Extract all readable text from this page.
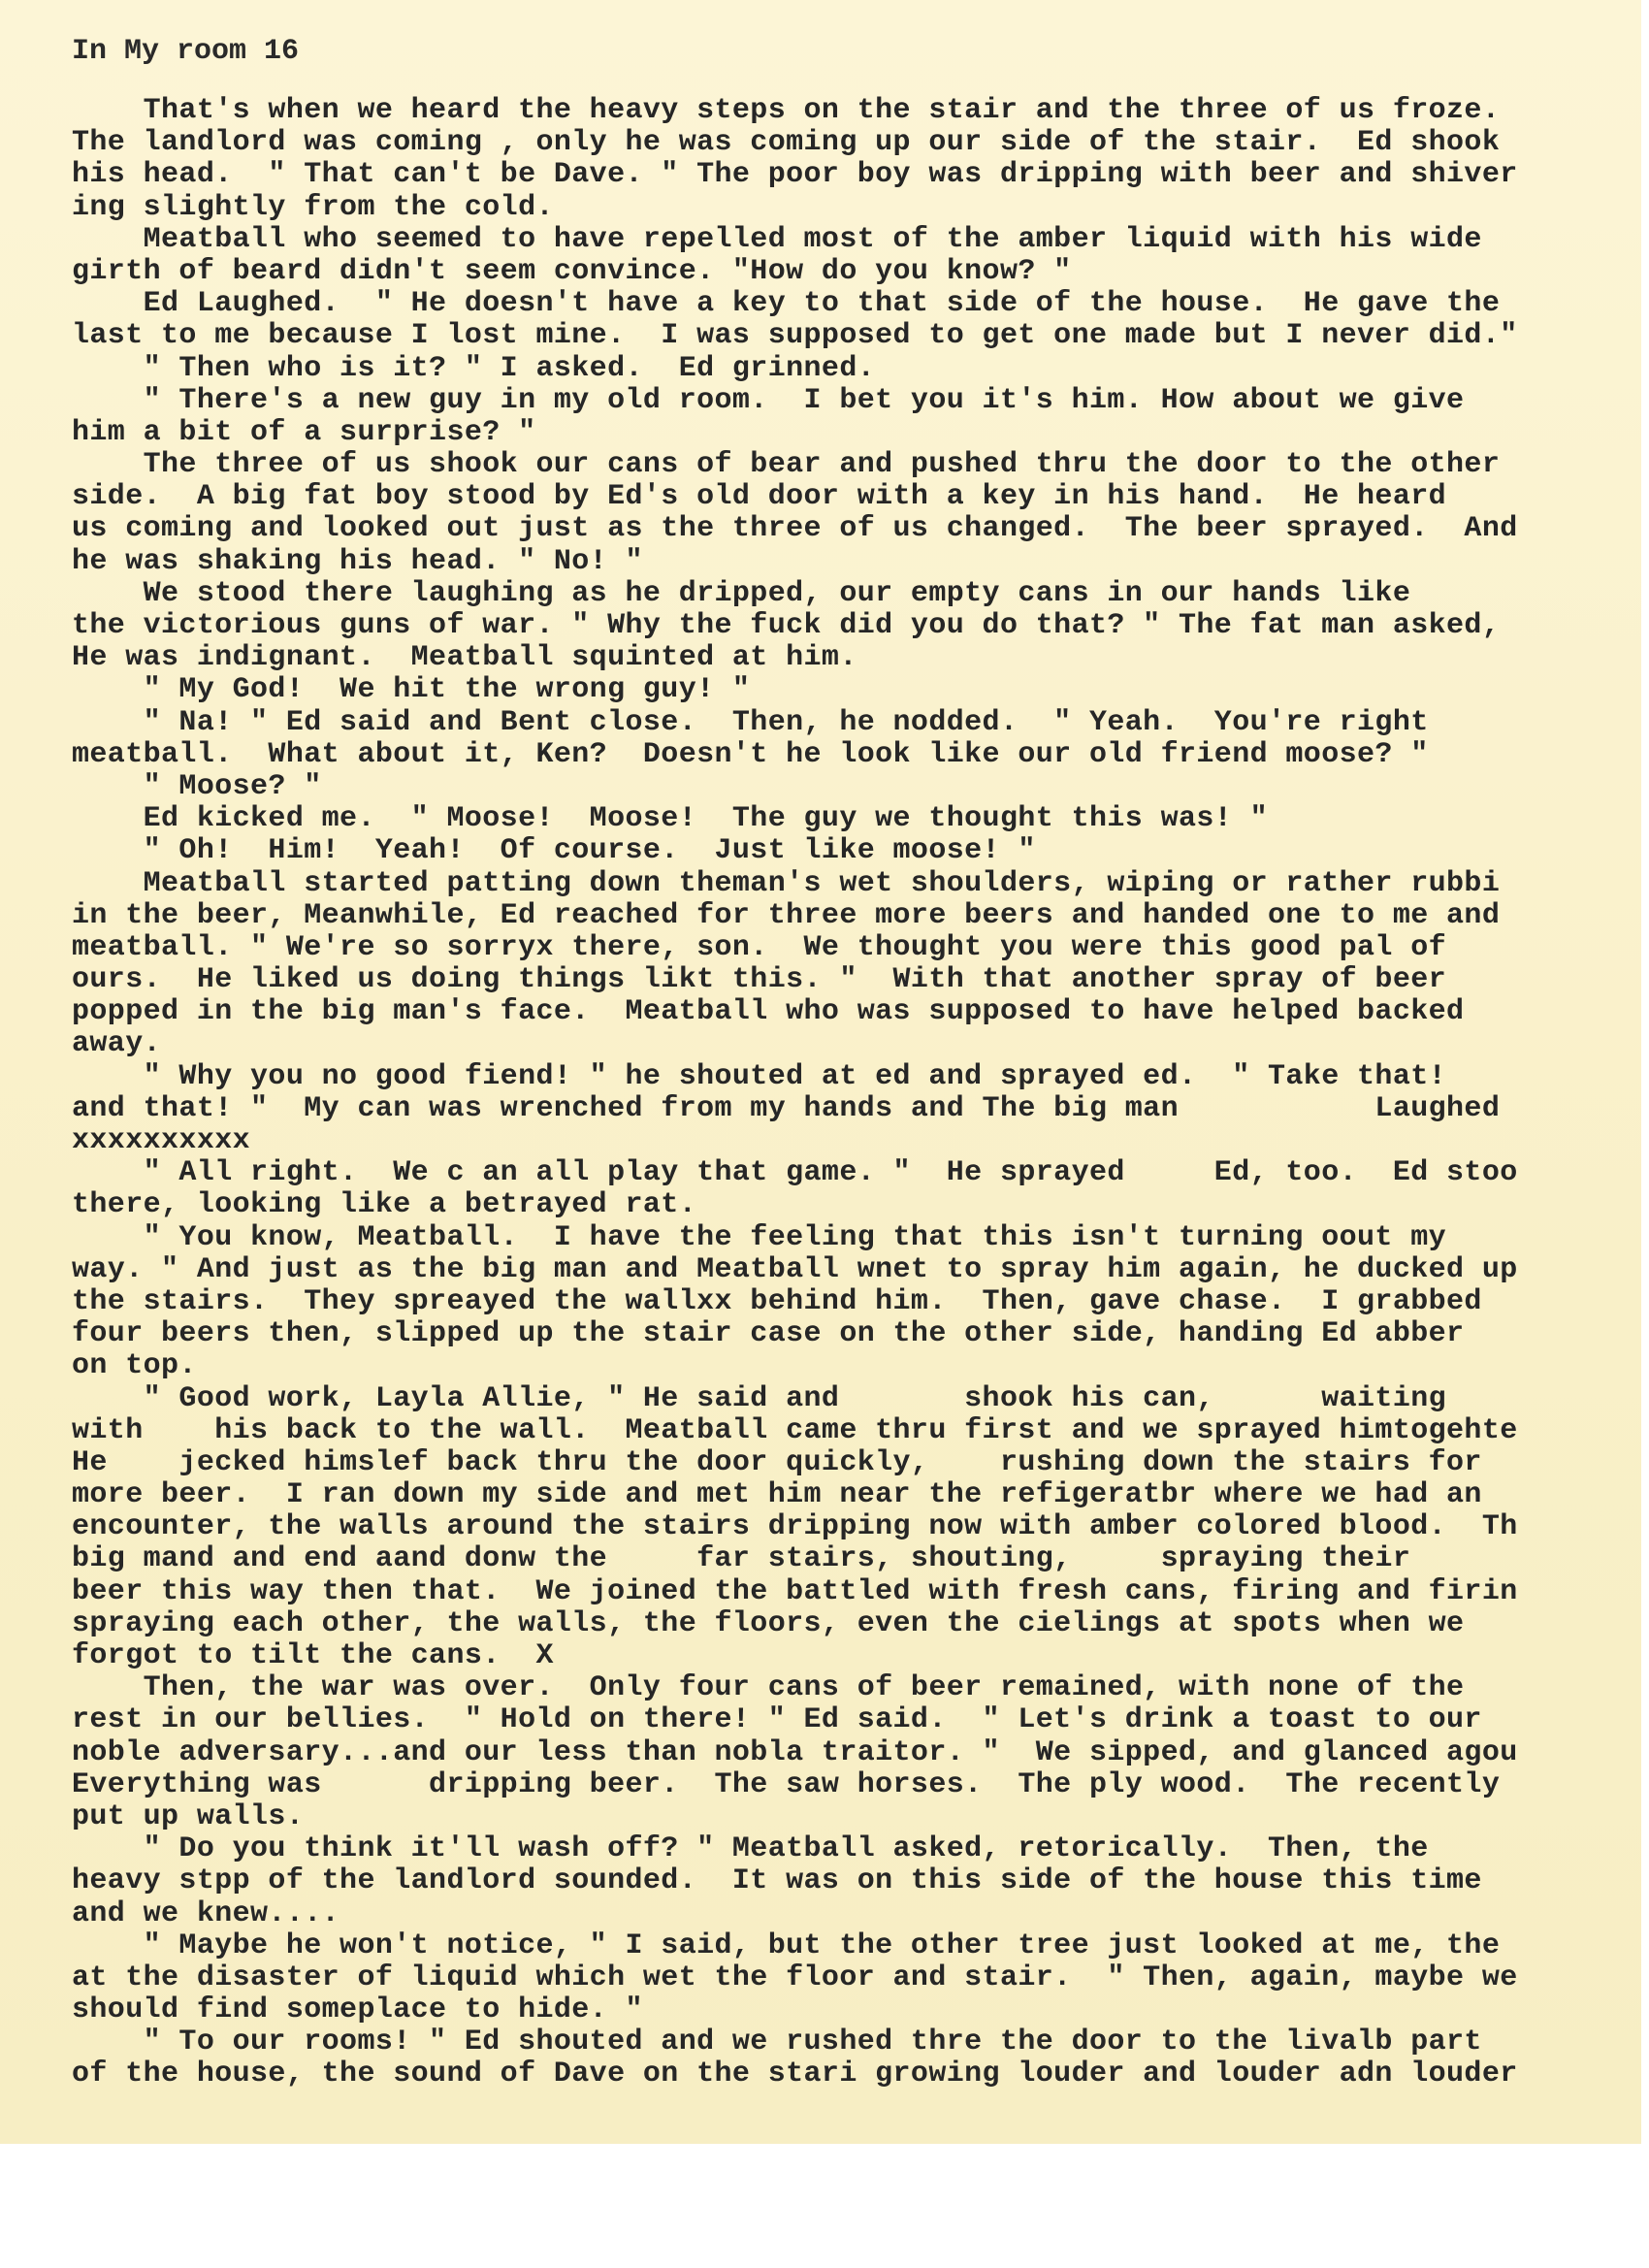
In My room 16
That's when we heard the heavy steps on the stair and the three of us froze.
The landlord was coming , only he was coming up our side of the stair.  Ed shook
his head.  " That can't be Dave. " The poor boy was dripping with beer and shiver
ing slightly from the cold.
Meatball who seemed to have repelled most of the amber liquid with his wide
girth of beard didn't seem convince. "How do you know? "
Ed Laughed.  " He doesn't have a key to that side of the house.  He gave the
last to me because I lost mine.  I was supposed to get one made but I never did."
" Then who is it? " I asked.  Ed grinned.
" There's a new guy in my old room.  I bet you it's him. How about we give
him a bit of a surprise? "
The three of us shook our cans of bear and pushed thru the door to the other
side.  A big fat boy stood by Ed's old door with a key in his hand.  He heard
us coming and looked out just as the three of us changed.  The beer sprayed.  And
he was shaking his head. " No! "
We stood there laughing as he dripped, our empty cans in our hands like
the victorious guns of war. " Why the fuck did you do that? " The fat man asked,
He was indignant.  Meatball squinted at him.
" My God!  We hit the wrong guy! "
" Na! " Ed said and Bent close.  Then, he nodded.  " Yeah.  You're right
meatball.  What about it, Ken?  Doesn't he look like our old friend moose? "
" Moose? "
Ed kicked me.  " Moose!  Moose!  The guy we thought this was! "
" Oh!  Him!  Yeah!  Of course.  Just like moose! "
Meatball started patting down theman's wet shoulders, wiping or rather rubbi
in the beer, Meanwhile, Ed reached for three more beers and handed one to me and
meatball. " We're so sorryx there, son.  We thought you were this good pal of
ours.  He liked us doing things likt this. "  With that another spray of beer
popped in the big man's face.  Meatball who was supposed to have helped backed
away.
" Why you no good fiend! " he shouted at ed and sprayed ed.  " Take that!
and that! "  My can was wrenched from my hands and The big man           Laughed
xxxxxxxxxx
" All right.  We c an all play that game. "  He sprayed     Ed, too.  Ed stoo
there, looking like a betrayed rat.
" You know, Meatball.  I have the feeling that this isn't turning oout my
way. " And just as the big man and Meatball wnet to spray him again, he ducked up
the stairs.  They spreayed the wallxx behind him.  Then, gave chase.  I grabbed
four beers then, slipped up the stair case on the other side, handing Ed abber
on top.
" Good work, Layla Allie, " He said and       shook his can,      waiting
with    his back to the wall.  Meatball came thru first and we sprayed himtogehte
He    jecked himslef back thru the door quickly,    rushing down the stairs for
more beer.  I ran down my side and met him near the refigeratbr where we had an
encounter, the walls around the stairs dripping now with amber colored blood.  Th
big mand and end aand donw the     far stairs, shouting,     spraying their
beer this way then that.  We joined the battled with fresh cans, firing and firin
spraying each other, the walls, the floors, even the cielings at spots when we
forgot to tilt the cans.  X
Then, the war was over.  Only four cans of beer remained, with none of the
rest in our bellies.  " Hold on there! " Ed said.  " Let's drink a toast to our
noble adversary...and our less than nobla traitor. "  We sipped, and glanced agou
Everything was      dripping beer.  The saw horses.  The ply wood.  The recently
put up walls.
" Do you think it'll wash off? " Meatball asked, retorically.  Then, the
heavy stpp of the landlord sounded.  It was on this side of the house this time
and we knew....
" Maybe he won't notice, " I said, but the other tree just looked at me, the
at the disaster of liquid which wet the floor and stair.  " Then, again, maybe we
should find someplace to hide. "
" To our rooms! " Ed shouted and we rushed thre the door to the livalb part
of the house, the sound of Dave on the stari growing louder and louder adn louder
